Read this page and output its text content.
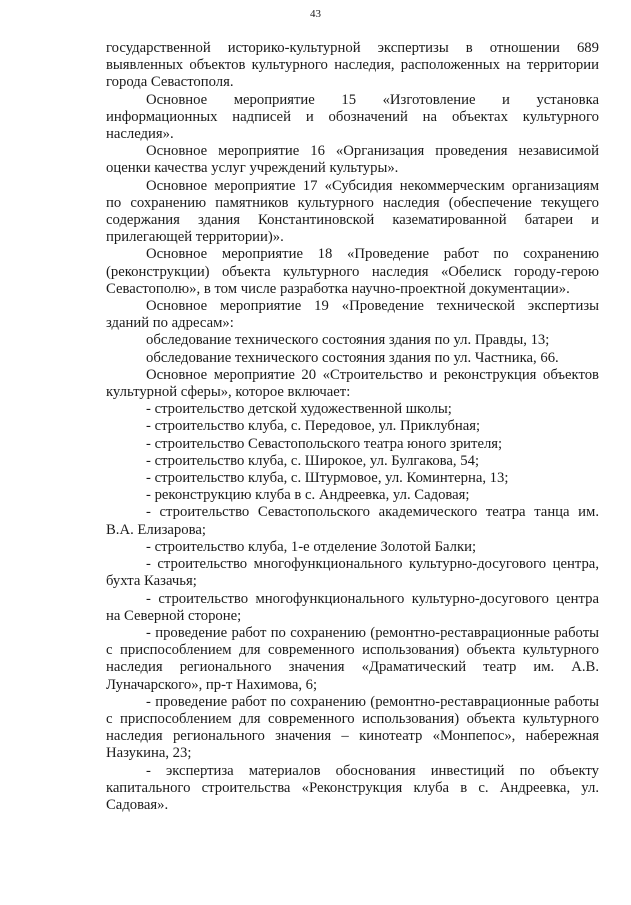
43

государственной историко-культурной экспертизы в отношении 689 выявленных объектов культурного наследия, расположенных на территории города Севастополя.

Основное мероприятие 15 «Изготовление и установка информационных надписей и обозначений на объектах культурного наследия».

Основное мероприятие 16 «Организация проведения независимой оценки качества услуг учреждений культуры».

Основное мероприятие 17 «Субсидия некоммерческим организациям по сохранению памятников культурного наследия (обеспечение текущего содержания здания Константиновской казематированной батареи и прилегающей территории)».

Основное мероприятие 18 «Проведение работ по сохранению (реконструкции) объекта культурного наследия «Обелиск городу-герою Севастополю», в том числе разработка научно-проектной документации».

Основное мероприятие 19 «Проведение технической экспертизы зданий по адресам»:

обследование технического состояния здания по ул. Правды, 13;

обследование технического состояния здания по ул. Частника, 66.

Основное мероприятие 20 «Строительство и реконструкция объектов культурной сферы», которое включает:

- строительство детской художественной школы;

- строительство клуба, с. Передовое, ул. Приклубная;

- строительство Севастопольского театра юного зрителя;

- строительство клуба, с. Широкое, ул. Булгакова, 54;

- строительство клуба, с. Штурмовое, ул. Коминтерна, 13;

- реконструкцию клуба в с. Андреевка, ул. Садовая;

- строительство Севастопольского академического театра танца им. В.А. Елизарова;

- строительство клуба, 1-е отделение Золотой Балки;

- строительство многофункционального культурно-досугового центра, бухта Казачья;

- строительство многофункционального культурно-досугового центра на Северной стороне;

- проведение работ по сохранению (ремонтно-реставрационные работы с приспособлением для современного использования) объекта культурного наследия регионального значения «Драматический театр им. А.В. Луначарского», пр-т Нахимова, 6;

- проведение работ по сохранению (ремонтно-реставрационные работы с приспособлением для современного использования) объекта культурного наследия регионального значения – кинотеатр «Монпепос», набережная Назукина, 23;

- экспертиза материалов обоснования инвестиций по объекту капитального строительства «Реконструкция клуба в с. Андреевка, ул. Садовая».
